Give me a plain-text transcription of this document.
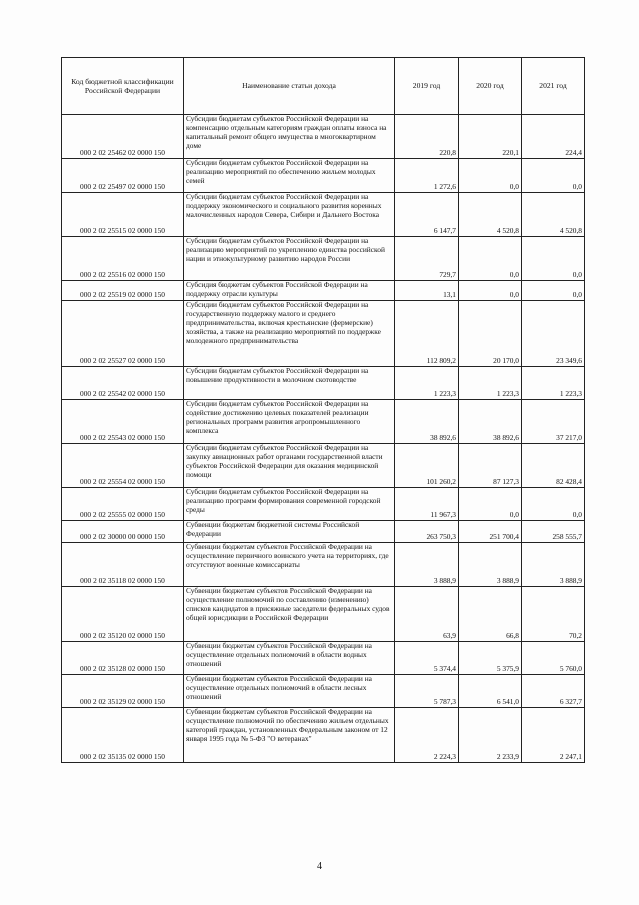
Код бюджетной классификации Российской Федерации	Наименование статьи дохода	2019 год	2020 год	2021 год
000 2 02 25462 02 0000 150	Субсидии бюджетам субъектов Российской Федерации на компенсацию отдельным категориям граждан оплаты взноса на капитальный ремонт общего имущества в многоквартирном доме	220,8	220,1	224,4
000 2 02 25497 02 0000 150	Субсидии бюджетам субъектов Российской Федерации на реализацию мероприятий по обеспечению жильем молодых семей	1 272,6	0,0	0,0
000 2 02 25515 02 0000 150	Субсидии бюджетам субъектов Российской Федерации на поддержку экономического и социального развития коренных малочисленных народов Севера, Сибири и Дальнего Востока	6 147,7	4 520,8	4 520,8
000 2 02 25516 02 0000 150	Субсидии бюджетам субъектов Российской Федерации на реализацию мероприятий по укреплению единства российской нации и этнокультурному развитию народов России	729,7	0,0	0,0
000 2 02 25519 02 0000 150	Субсидия бюджетам субъектов Российской Федерации на поддержку отрасли культуры	13,1	0,0	0,0
000 2 02 25527 02 0000 150	Субсидии бюджетам субъектов Российской Федерации на государственную поддержку малого и среднего предпринимательства, включая крестьянские (фермерские) хозяйства, а также на реализацию мероприятий по поддержке молодежного предпринимательства	112 809,2	20 170,0	23 349,6
000 2 02 25542 02 0000 150	Субсидии бюджетам субъектов Российской Федерации на повышение продуктивности в молочном скотоводстве	1 223,3	1 223,3	1 223,3
000 2 02 25543 02 0000 150	Субсидии бюджетам субъектов Российской Федерации на содействие достижению целевых показателей реализации региональных программ развития агропромышленного комплекса	38 892,6	38 892,6	37 217,0
000 2 02 25554 02 0000 150	Субсидии бюджетам субъектов Российской Федерации на закупку авиационных работ органами государственной власти субъектов Российской Федерации для оказания медицинской помощи	101 260,2	87 127,3	82 428,4
000 2 02 25555 02 0000 150	Субсидии бюджетам субъектов Российской Федерации на реализацию программ формирования современной городской среды	11 967,3	0,0	0,0
000 2 02 30000 00 0000 150	Субвенции бюджетам бюджетной системы Российской Федерации	263 750,3	251 700,4	258 555,7
000 2 02 35118 02 0000 150	Субвенции бюджетам субъектов Российской Федерации на осуществление первичного воинского учета на территориях, где отсутствуют военные комиссариаты	3 888,9	3 888,9	3 888,9
000 2 02 35120 02 0000 150	Субвенции бюджетам субъектов Российской Федерации на осуществление полномочий по составлению (изменению) списков кандидатов в присяжные заседатели федеральных судов общей юрисдикции в Российской Федерации	63,9	66,8	70,2
000 2 02 35128 02 0000 150	Субвенции бюджетам субъектов Российской Федерации на осуществление отдельных полномочий в области водных отношений	5 374,4	5 375,9	5 760,0
000 2 02 35129 02 0000 150	Субвенции бюджетам субъектов Российской Федерации на осуществление отдельных полномочий в области лесных отношений	5 787,3	6 541,0	6 327,7
000 2 02 35135 02 0000 150	Субвенции бюджетам субъектов Российской Федерации на осуществление полномочий по обеспечению жильем отдельных категорий граждан, установленных Федеральным законом от 12 января 1995 года № 5-ФЗ "О ветеранах"	2 224,3	2 233,9	2 247,1
4
